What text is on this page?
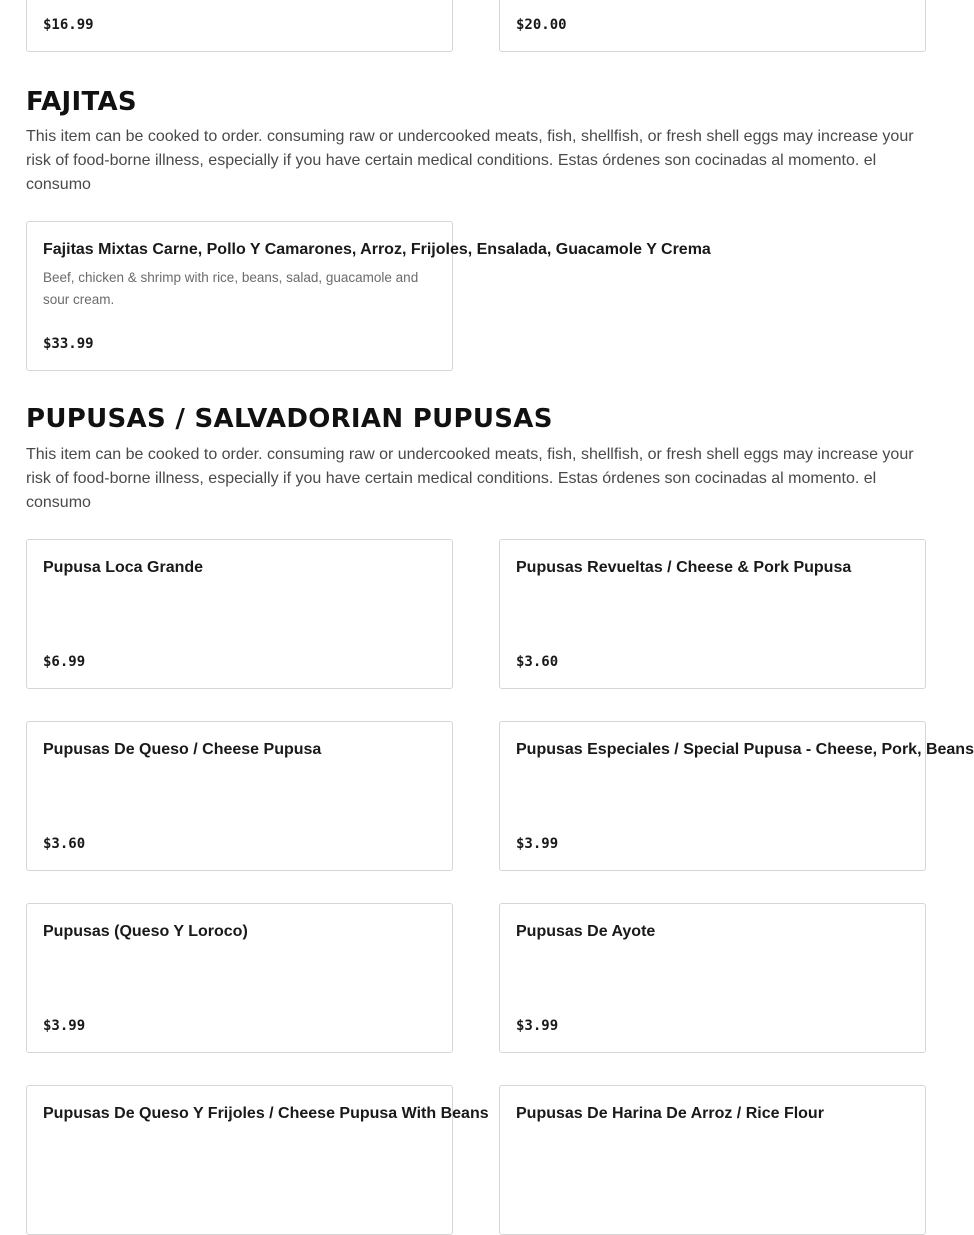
$16.99	$20.00
FAJITAS

This item can be cooked to order. consuming raw or undercooked meats, fish, shellfish, or fresh shell eggs may increase your risk of food-borne illness, especially if you have certain medical conditions. Estas órdenes son cocinadas al momento. el consumo

Fajitas Mixtas Carne, Pollo Y Camarones, Arroz, Frijoles, Ensalada, Guacamole Y Crema
Beef, chicken & shrimp with rice, beans, salad, guacamole and sour cream.
$33.99
PUPUSAS / SALVADORIAN PUPUSAS

This item can be cooked to order. consuming raw or undercooked meats, fish, shellfish, or fresh shell eggs may increase your risk of food-borne illness, especially if you have certain medical conditions. Estas órdenes son cocinadas al momento. el consumo

Pupusa Loca Grande
$6.99
Pupusas Revueltas / Cheese & Pork Pupusa
$3.60
Pupusas De Queso / Cheese Pupusa
$3.60
Pupusas Especiales / Special Pupusa - Cheese, Pork, Beans
$3.99
Pupusas (Queso Y Loroco)
$3.99
Pupusas De Ayote
$3.99
Pupusas De Queso Y Frijoles / Cheese Pupusa With Beans Pupusas De Harina De Arroz / Rice Flour
